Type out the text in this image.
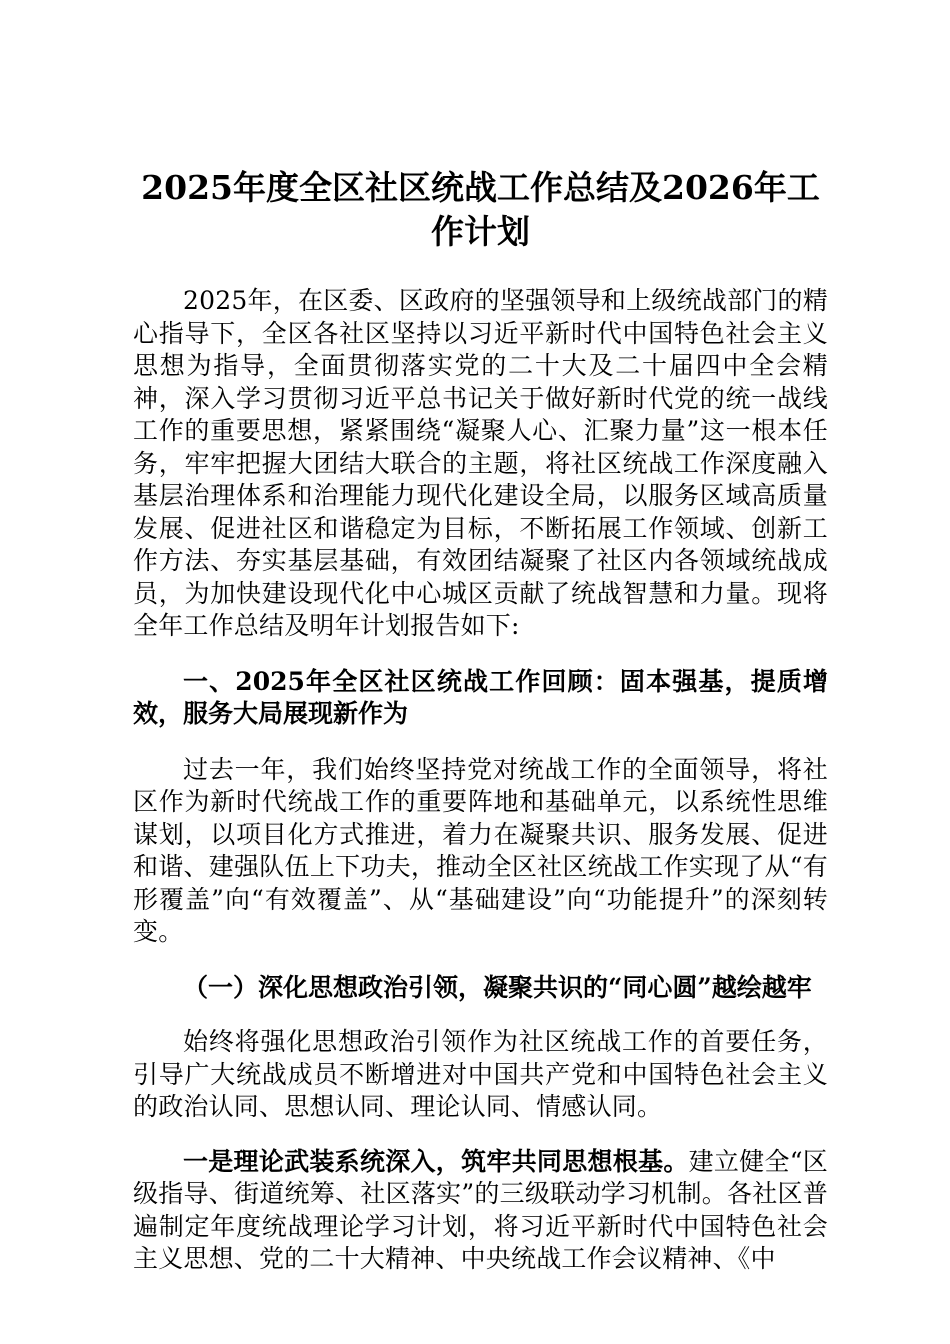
2025年度全区社区统战工作总结及2026年工
作计划

2025年，在区委、区政府的坚强领导和上级统战部门的精心指导下，全区各社区坚持以习近平新时代中国特色社会主义思想为指导，全面贯彻落实党的二十大及二十届四中全会精神，深入学习贯彻习近平总书记关于做好新时代党的统一战线工作的重要思想，紧紧围绕“凝聚人心、汇聚力量”这一根本任务，牢牢把握大团结大联合的主题，将社区统战工作深度融入基层治理体系和治理能力现代化建设全局，以服务区域高质量发展、促进社区和谐稳定为目标，不断拓展工作领域、创新工作方法、夯实基层基础，有效团结凝聚了社区内各领域统战成员，为加快建设现代化中心城区贡献了统战智慧和力量。现将全年工作总结及明年计划报告如下:

一、2025年全区社区统战工作回顾：固本强基，提质增效，服务大局展现新作为

过去一年，我们始终坚持党对统战工作的全面领导，将社区作为新时代统战工作的重要阵地和基础单元，以系统性思维谋划，以项目化方式推进，着力在凝聚共识、服务发展、促进和谐、建强队伍上下功夫，推动全区社区统战工作实现了从“有形覆盖”向“有效覆盖”、从“基础建设”向“功能提升”的深刻转变。

（一）深化思想政治引领，凝聚共识的“同心圆”越绘越牢

始终将强化思想政治引领作为社区统战工作的首要任务，引导广大统战成员不断增进对中国共产党和中国特色社会主义的政治认同、思想认同、理论认同、情感认同。

一是理论武装系统深入，筑牢共同思想根基。建立健全“区级指导、街道统筹、社区落实”的三级联动学习机制。各社区普遍制定年度统战理论学习计划，将习近平新时代中国特色社会主义思想、党的二十大精神、中央统战工作会议精神、《中
